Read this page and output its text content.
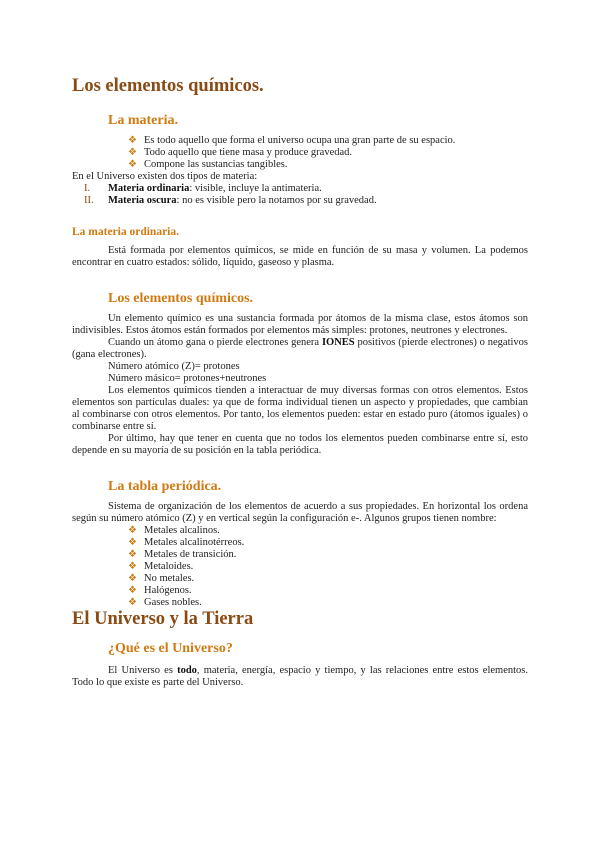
Los elementos químicos.
La materia.
❖ Es todo aquello que forma el universo ocupa una gran parte de su espacio.
❖ Todo aquello que tiene masa y produce gravedad.
❖ Compone las sustancias tangibles.

En el Universo existen dos tipos de materia:

I. Materia ordinaria: visible, incluye la antimateria.
II. Materia oscura: no es visible pero la notamos por su gravedad.
La materia ordinaria.

Está formada por elementos químicos, se mide en función de su masa y volumen. La podemos encontrar en cuatro estados: sólido, líquido, gaseoso y plasma.

Los elementos químicos.

Un elemento químico es una sustancia formada por átomos de la misma clase, estos átomos son indivisibles. Estos átomos están formados por elementos más simples: protones, neutrones y electrones.

Cuando un átomo gana o pierde electrones genera IONES positivos (pierde electrones) o negativos (gana electrones).

Número atómico (Z)= protones

Número másico= protones+neutrones

Los elementos químicos tienden a interactuar de muy diversas formas con otros elementos. Estos elementos son partículas duales: ya que de forma individual tienen un aspecto y propiedades, que cambian al combinarse con otros elementos. Por tanto, los elementos pueden: estar en estado puro (átomos iguales) o combinarse entre sí.

Por último, hay que tener en cuenta que no todos los elementos pueden combinarse entre sí, esto depende en su mayoría de su posición en la tabla periódica.

La tabla periódica.

Sistema de organización de los elementos de acuerdo a sus propiedades. En horizontal los ordena según su número atómico (Z) y en vertical según la configuración e-. Algunos grupos tienen nombre:

❖ Metales alcalinos.
❖ Metales alcalinotérreos.
❖ Metales de transición.
❖ Metaloides.
❖ No metales.
❖ Halógenos.
❖ Gases nobles.
El Universo y la Tierra
¿Qué es el Universo?

El Universo es todo, materia, energía, espacio y tiempo, y las relaciones entre estos elementos. Todo lo que existe es parte del Universo.
